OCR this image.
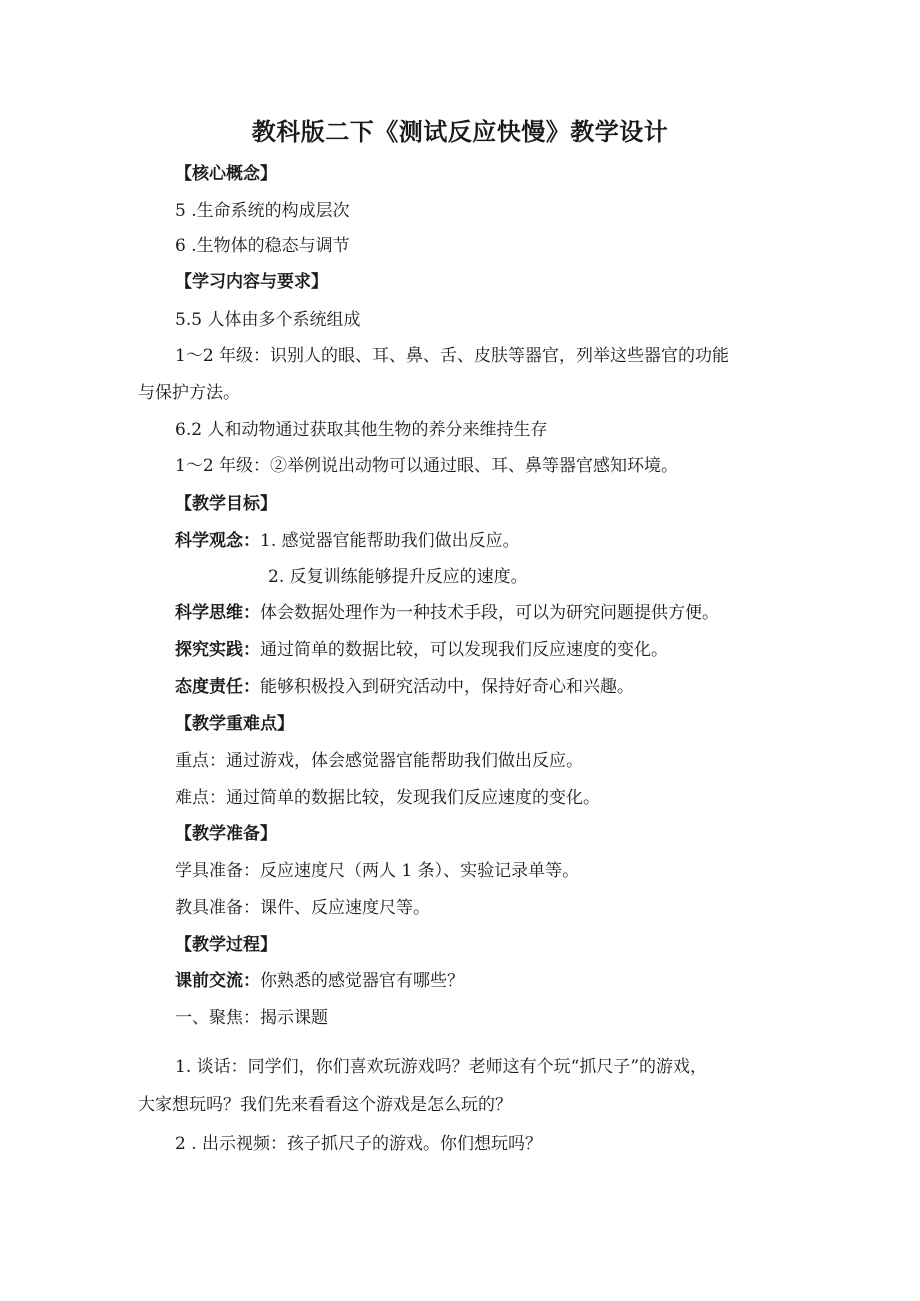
教科版二下《测试反应快慢》教学设计
【核心概念】
5 .生命系统的构成层次
6 .生物体的稳态与调节
【学习内容与要求】
5.5 人体由多个系统组成
1～2 年级：识别人的眼、耳、鼻、舌、皮肤等器官，列举这些器官的功能
与保护方法。
6.2 人和动物通过获取其他生物的养分来维持生存
1～2 年级：②举例说出动物可以通过眼、耳、鼻等器官感知环境。
【教学目标】
科学观念：1. 感觉器官能帮助我们做出反应。
2. 反复训练能够提升反应的速度。
科学思维：体会数据处理作为一种技术手段，可以为研究问题提供方便。
探究实践：通过简单的数据比较，可以发现我们反应速度的变化。
态度责任：能够积极投入到研究活动中，保持好奇心和兴趣。
【教学重难点】
重点：通过游戏，体会感觉器官能帮助我们做出反应。
难点：通过简单的数据比较，发现我们反应速度的变化。
【教学准备】
学具准备：反应速度尺（两人 1 条）、实验记录单等。
教具准备：课件、反应速度尺等。
【教学过程】
课前交流：你熟悉的感觉器官有哪些？
一、聚焦：揭示课题
1. 谈话：同学们，你们喜欢玩游戏吗？老师这有个玩“抓尺子”的游戏，
大家想玩吗？我们先来看看这个游戏是怎么玩的？
2 . 出示视频：孩子抓尺子的游戏。你们想玩吗？
